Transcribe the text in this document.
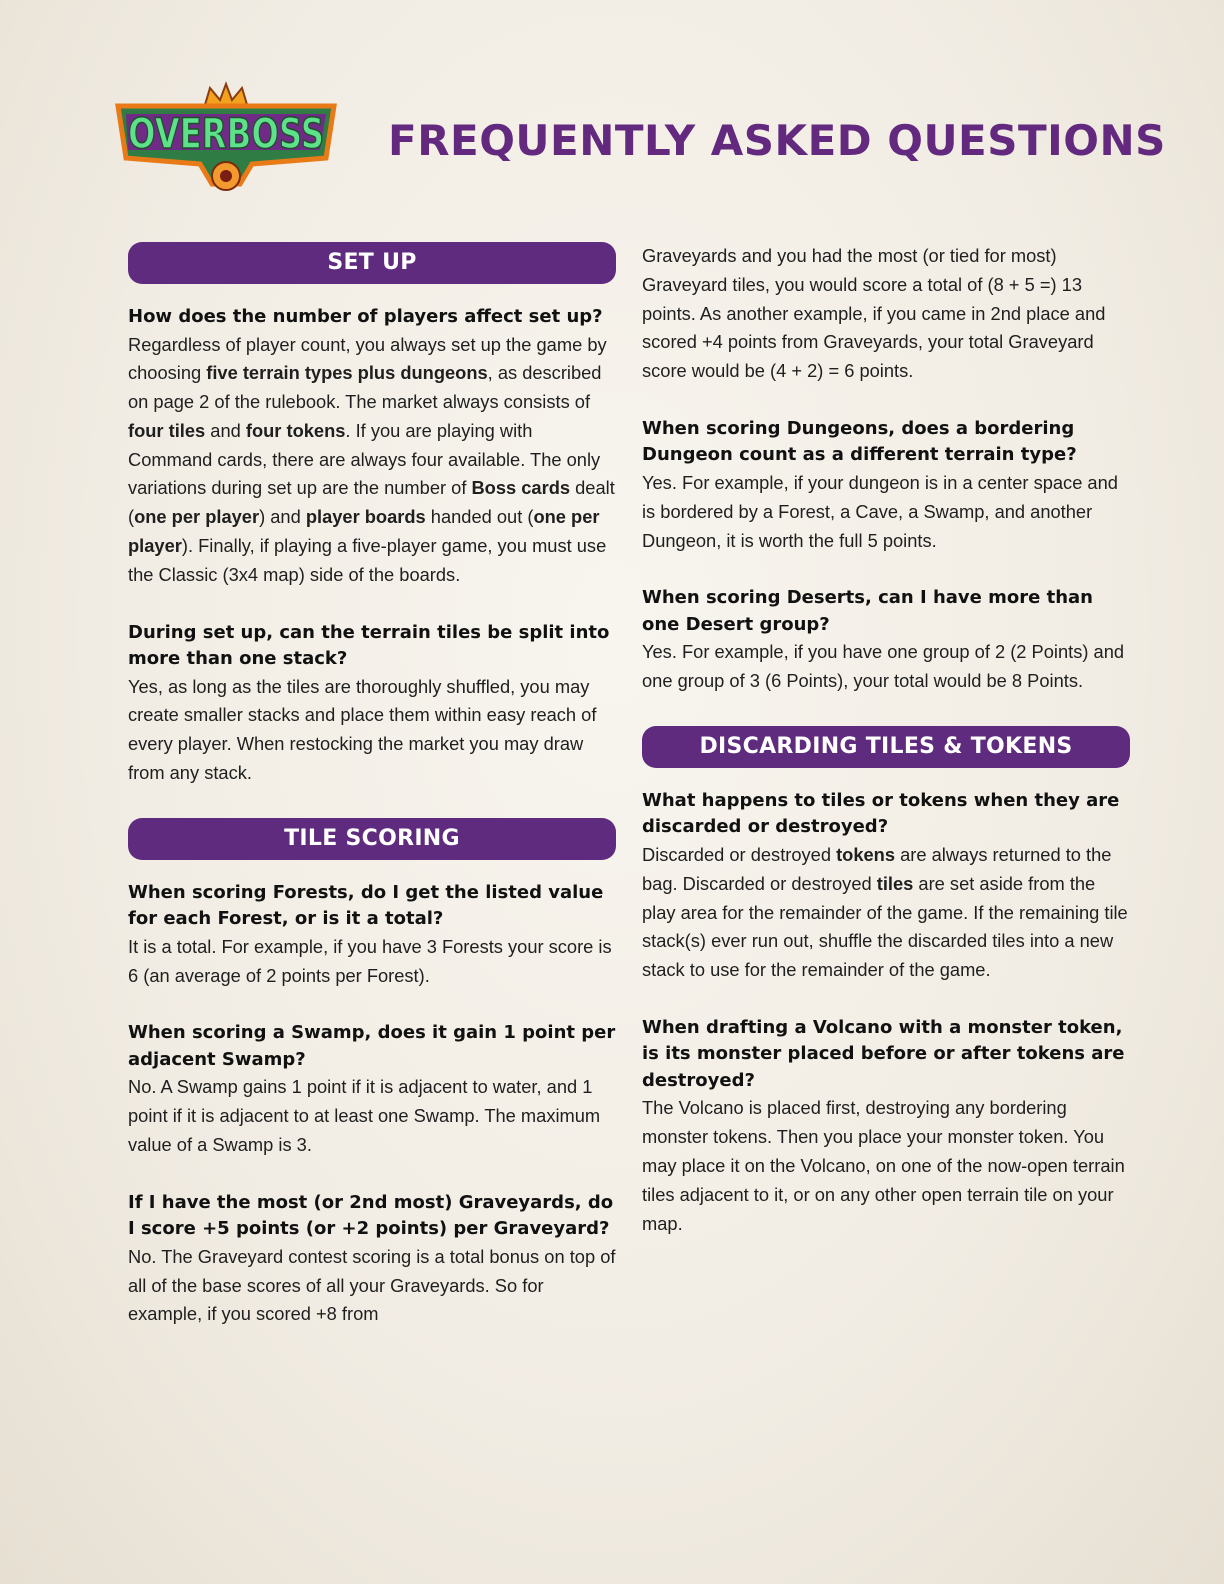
OVERBOSS FREQUENTLY ASKED QUESTIONS
SET UP

How does the number of players affect set up?

Regardless of player count, you always set up the game by choosing five terrain types plus dungeons, as described on page 2 of the rulebook. The market always consists of four tiles and four tokens. If you are playing with Command cards, there are always four available. The only variations during set up are the number of Boss cards dealt (one per player) and player boards handed out (one per player). Finally, if playing a five-player game, you must use the Classic (3x4 map) side of the boards.

During set up, can the terrain tiles be split into more than one stack?

Yes, as long as the tiles are thoroughly shuffled, you may create smaller stacks and place them within easy reach of every player. When restocking the market you may draw from any stack.

TILE SCORING

When scoring Forests, do I get the listed value for each Forest, or is it a total?

It is a total. For example, if you have 3 Forests your score is 6 (an average of 2 points per Forest).

When scoring a Swamp, does it gain 1 point per adjacent Swamp?

No. A Swamp gains 1 point if it is adjacent to water, and 1 point if it is adjacent to at least one Swamp. The maximum value of a Swamp is 3.

If I have the most (or 2nd most) Graveyards, do I score +5 points (or +2 points) per Graveyard?

No. The Graveyard contest scoring is a total bonus on top of all of the base scores of all your Graveyards. So for example, if you scored +8 from

Graveyards and you had the most (or tied for most) Graveyard tiles, you would score a total of (8 + 5 =) 13 points. As another example, if you came in 2nd place and scored +4 points from Graveyards, your total Graveyard score would be (4 + 2) = 6 points.

When scoring Dungeons, does a bordering Dungeon count as a different terrain type?

Yes. For example, if your dungeon is in a center space and is bordered by a Forest, a Cave, a Swamp, and another Dungeon, it is worth the full 5 points.

When scoring Deserts, can I have more than one Desert group?

Yes. For example, if you have one group of 2 (2 Points) and one group of 3 (6 Points), your total would be 8 Points.

DISCARDING TILES & TOKENS

What happens to tiles or tokens when they are discarded or destroyed?

Discarded or destroyed tokens are always returned to the bag. Discarded or destroyed tiles are set aside from the play area for the remainder of the game. If the remaining tile stack(s) ever run out, shuffle the discarded tiles into a new stack to use for the remainder of the game.

When drafting a Volcano with a monster token, is its monster placed before or after tokens are destroyed?

The Volcano is placed first, destroying any bordering monster tokens. Then you place your monster token. You may place it on the Volcano, on one of the now-open terrain tiles adjacent to it, or on any other open terrain tile on your map.
